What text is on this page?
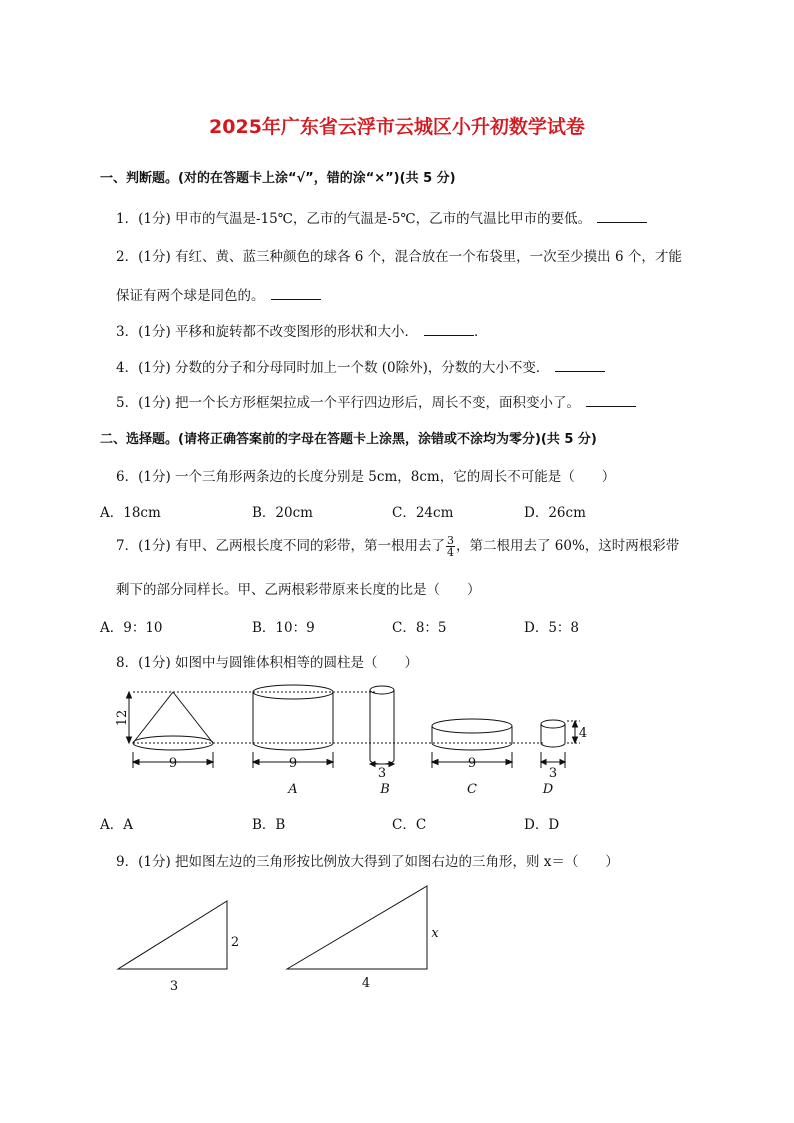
2025年广东省云浮市云城区小升初数学试卷
一、判断题。(对的在答题卡上涂“√”，错的涂“×”)(共 5 分)
1．(1分) 甲市的气温是-15℃，乙市的气温是-5℃，乙市的气温比甲市的要低。
2．(1分) 有红、黄、蓝三种颜色的球各 6 个，混合放在一个布袋里，一次至少摸出 6 个，才能
保证有两个球是同色的。
3．(1分) 平移和旋转都不改变图形的形状和大小．	．
4．(1分) 分数的分子和分母同时加上一个数 (0除外)，分数的大小不变．
5．(1分) 把一个长方形框架拉成一个平行四边形后，周长不变，面积变小了。
二、选择题。(请将正确答案前的字母在答题卡上涂黑，涂错或不涂均为零分)(共 5 分)
6．(1分) 一个三角形两条边的长度分别是 5cm，8cm，它的周长不可能是（　　）
A．18cm	B．20cm	C．24cm	D．26cm
7．(1分) 有甲、乙两根长度不同的彩带，第一根用去了 $\frac{3}{4}$ ，第二根用去了 60%，这时两根彩带
剩下的部分同样长。甲、乙两根彩带原来长度的比是（　　）
A．9：10	B．10：9	C．8：5	D．5：8
8．(1分) 如图中与圆锥体积相等的圆柱是（　　）
12
9	9
3
9
3
4
A	B	C	D
A．A	B．B	C．C	D．D
9．(1分) 把如图左边的三角形按比例放大得到了如图右边的三角形，则 x＝（　　）
2
3
x
4
